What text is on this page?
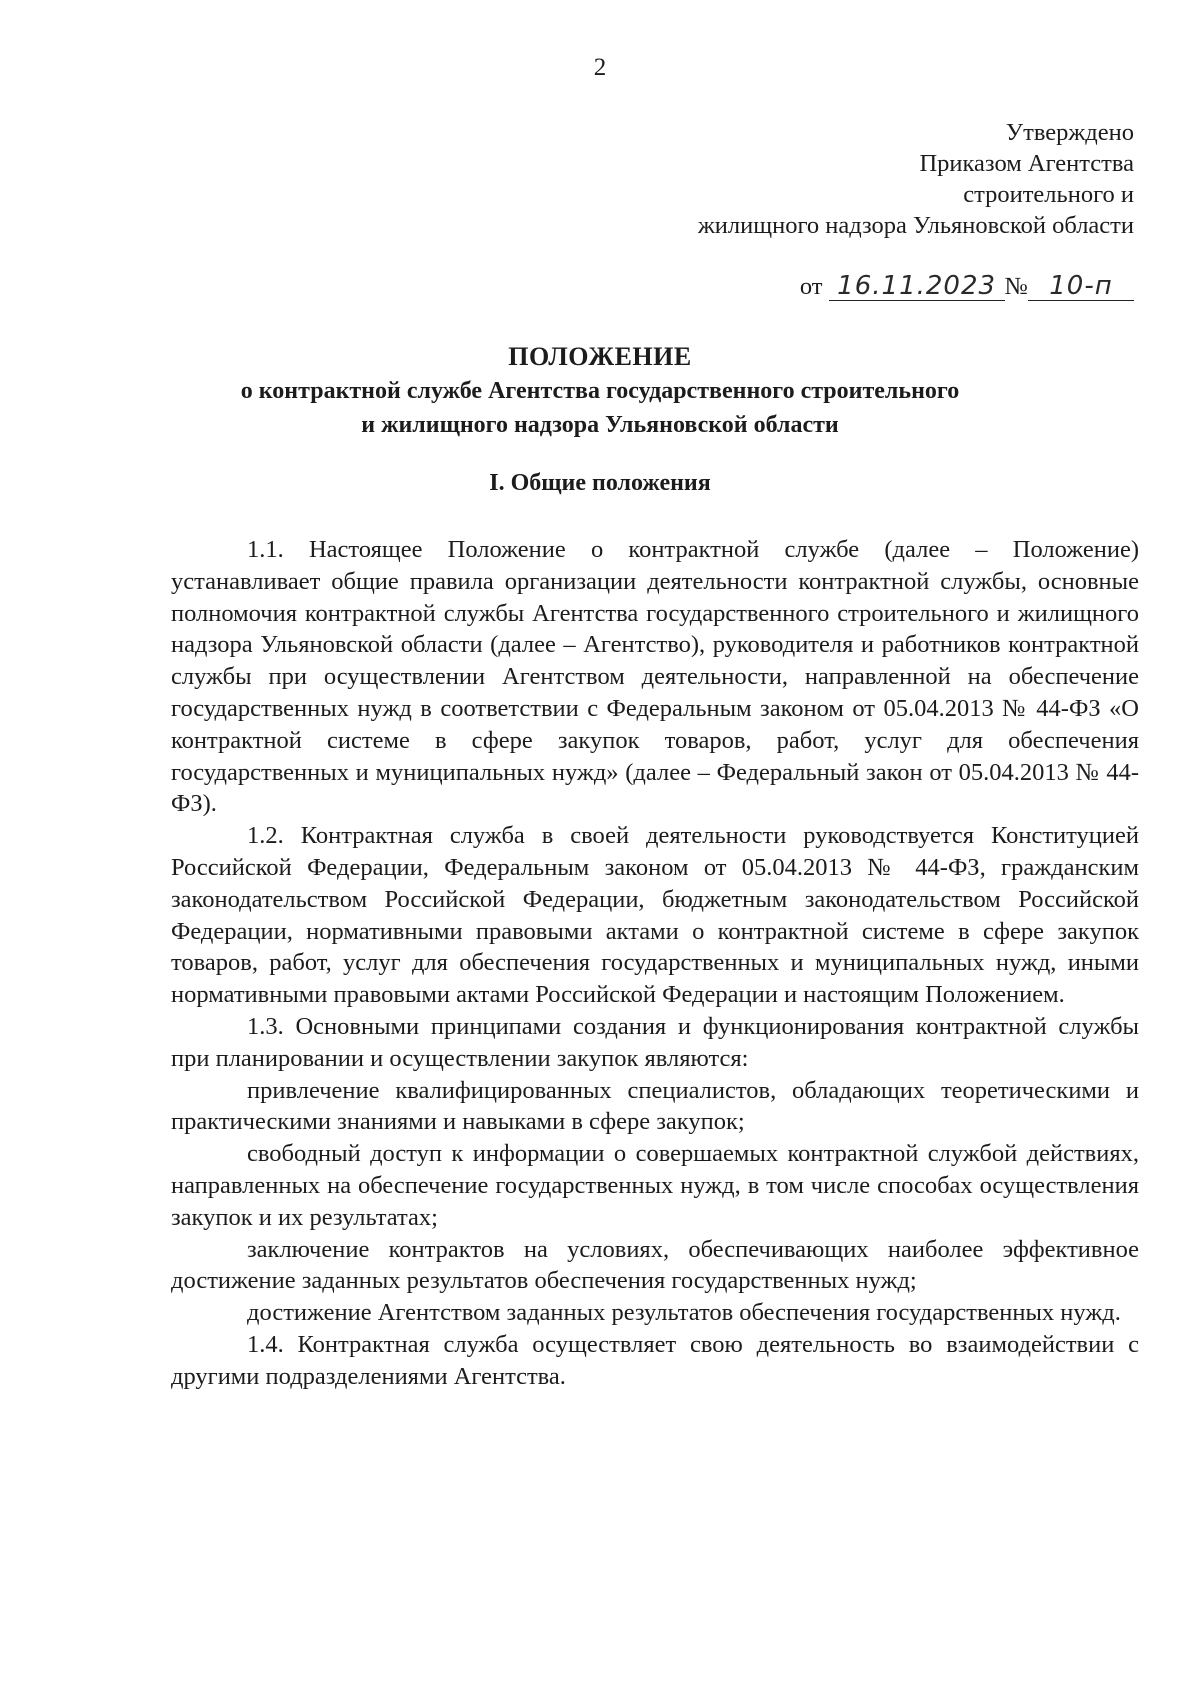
2
Утверждено
Приказом Агентства
строительного и
жилищного надзора Ульяновской области
от 16.11.2023 № 10-п
ПОЛОЖЕНИЕ
о контрактной службе Агентства государственного строительного
и жилищного надзора Ульяновской области
I. Общие положения

1.1. Настоящее Положение о контрактной службе (далее – Положение) устанавливает общие правила организации деятельности контрактной службы, основные полномочия контрактной службы Агентства государственного строительного и жилищного надзора Ульяновской области (далее – Агентство), руководителя и работников контрактной службы при осуществлении Агентством деятельности, направленной на обеспечение государственных нужд в соответствии с Федеральным законом от 05.04.2013 № 44-ФЗ «О контрактной системе в сфере закупок товаров, работ, услуг для обеспечения государственных и муниципальных нужд» (далее – Федеральный закон от 05.04.2013 № 44-ФЗ).

1.2. Контрактная служба в своей деятельности руководствуется Конституцией Российской Федерации, Федеральным законом от 05.04.2013 № 44-ФЗ, гражданским законодательством Российской Федерации, бюджетным законодательством Российской Федерации, нормативными правовыми актами о контрактной системе в сфере закупок товаров, работ, услуг для обеспечения государственных и муниципальных нужд, иными нормативными правовыми актами Российской Федерации и настоящим Положением.

1.3. Основными принципами создания и функционирования контрактной службы при планировании и осуществлении закупок являются:

привлечение квалифицированных специалистов, обладающих теоретическими и практическими знаниями и навыками в сфере закупок;

свободный доступ к информации о совершаемых контрактной службой действиях, направленных на обеспечение государственных нужд, в том числе способах осуществления закупок и их результатах;

заключение контрактов на условиях, обеспечивающих наиболее эффективное достижение заданных результатов обеспечения государственных нужд;

достижение Агентством заданных результатов обеспечения государственных нужд.

1.4. Контрактная служба осуществляет свою деятельность во взаимодействии с другими подразделениями Агентства.
